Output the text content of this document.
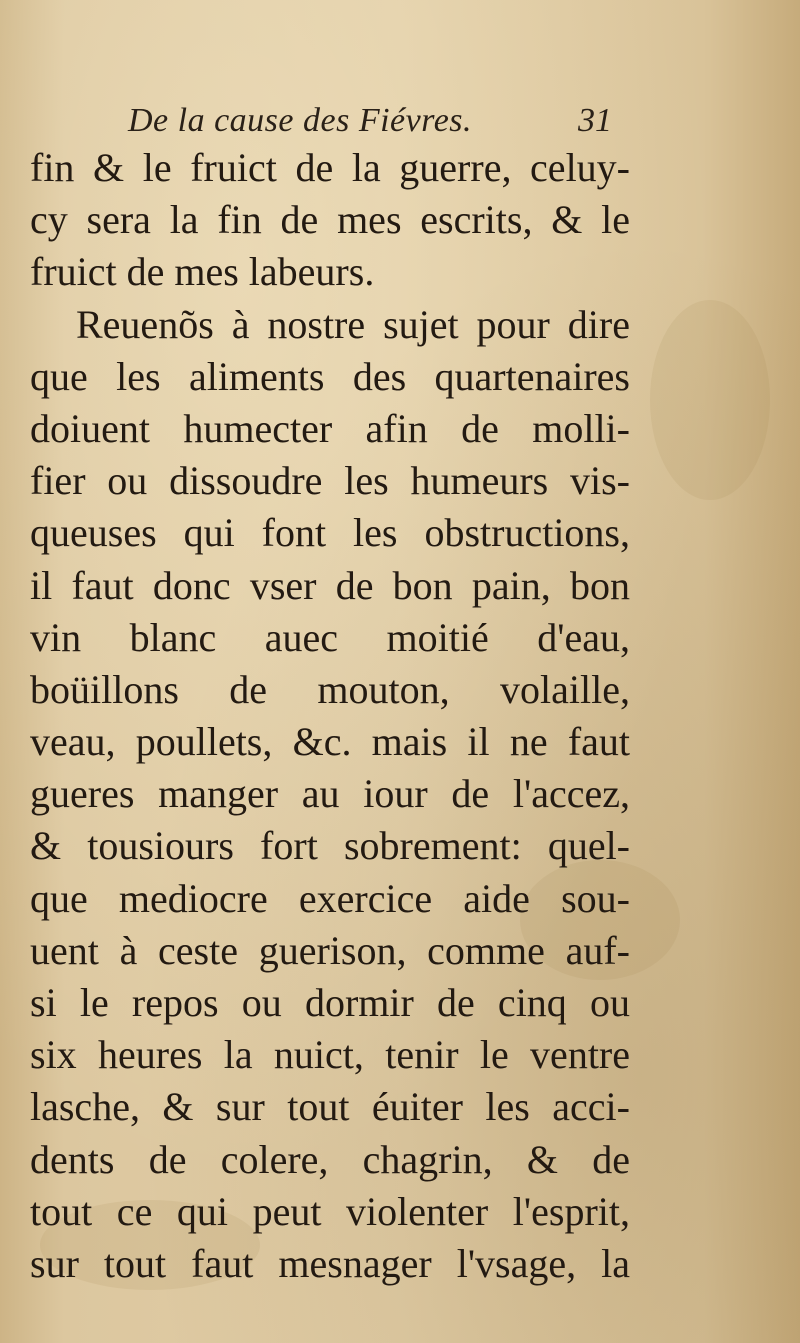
De la cause des Fiévres.	31
fin & le fruict de la guerre, celuy-
cy sera la fin de mes escrits, & le
fruict de mes labeurs.
Reuenõs à nostre sujet pour dire
que les aliments des quartenaires
doiuent humecter afin de molli-
fier ou dissoudre les humeurs vis-
queuses qui font les obstructions,
il faut donc vser de bon pain, bon
vin blanc auec moitié d'eau,
boüillons de mouton, volaille,
veau, poullets, &c. mais il ne faut
gueres manger au iour de l'accez,
& tousiours fort sobrement: quel-
que mediocre exercice aide sou-
uent à ceste guerison, comme auf-
si le repos ou dormir de cinq ou
six heures la nuict, tenir le ventre
lasche, & sur tout éuiter les acci-
dents de colere, chagrin, & de
tout ce qui peut violenter l'esprit,
sur tout faut mesnager l'vsage, la
